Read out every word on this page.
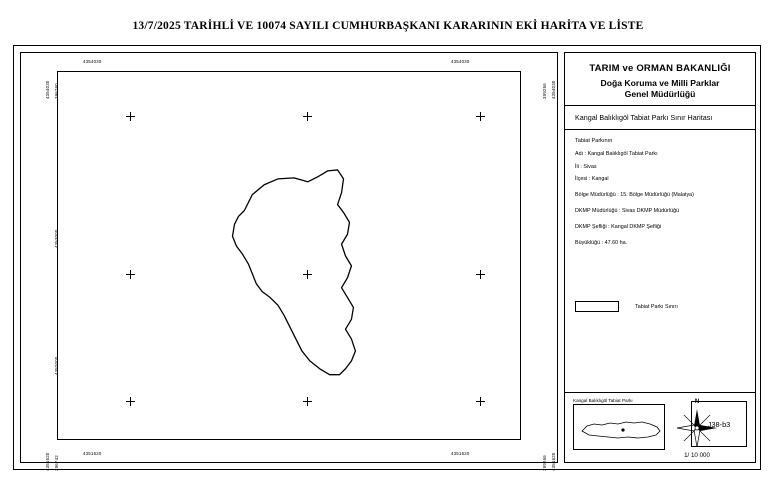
13/7/2025 TARİHLİ VE 10074 SAYILI CUMHURBAŞKANI KARARININ EKİ HARİTA VE LİSTE
4354030	4354030
4351620	4351620
4354030 396760
4353000
4352000
396742
4351620
4354030
399266
399266 4351620
TARIM ve ORMAN BAKANLIĞI
Doğa Koruma ve Milli Parklar
Genel Müdürlüğü
Kangal Balıklıgöl Tabiat Parkı Sınır Haritası
Tabiat Parkının
Adı : Kangal Balıklıgöl Tabiat Parkı
İli : Sivas
İlçesi : Kangal
Bölge Müdürlüğü : 15. Bölge Müdürlüğü (Malatya)
DKMP Müdürlüğü : Sivas DKMP Müdürlüğü
DKMP Şefliği : Kangal DKMP Şefliği
Büyüklüğü : 47.60 ha.
Tabiat Parkı Sınırı
Kangal Balıklıgöl Tabiat Parkı	N
1/ 10 000
J38-b3
